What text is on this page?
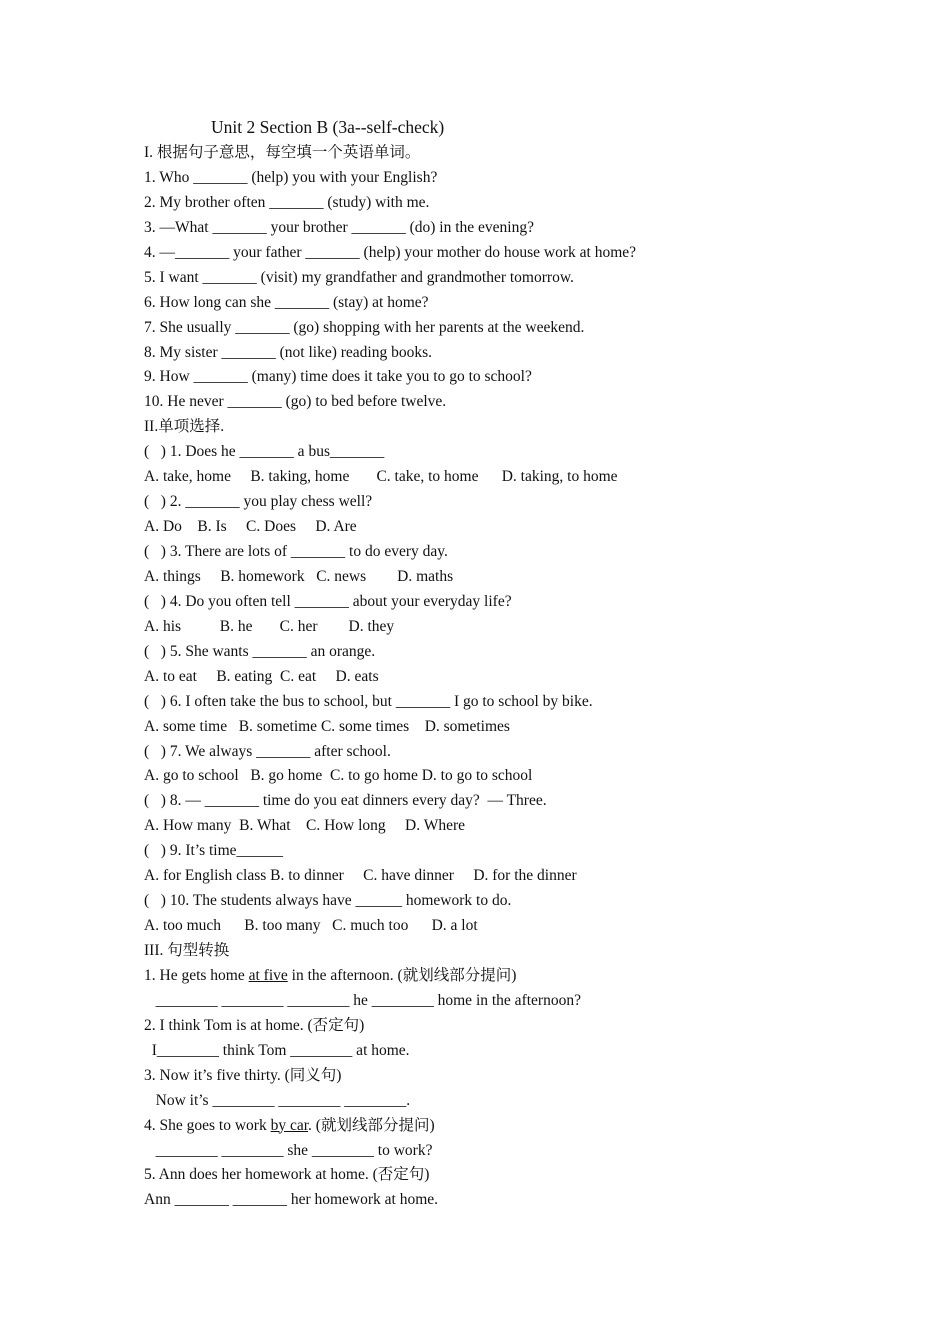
Unit 2 Section B (3a--self-check)
I. 根据句子意思，每空填一个英语单词。
1. Who _______ (help) you with your English?
2. My brother often _______ (study) with me.
3. —What _______ your brother _______ (do) in the evening?
4. —_______ your father _______ (help) your mother do house work at home?
5. I want _______ (visit) my grandfather and grandmother tomorrow.
6. How long can she _______ (stay) at home?
7. She usually _______ (go) shopping with her parents at the weekend.
8. My sister _______ (not like) reading books.
9. How _______ (many) time does it take you to go to school?
10. He never _______ (go) to bed before twelve.
II.单项选择.
(   ) 1. Does he _______ a bus_______
A. take, home     B. taking, home       C. take, to home      D. taking, to home
(   ) 2. _______ you play chess well?
A. Do    B. Is     C. Does     D. Are
(   ) 3. There are lots of _______ to do every day.
A. things     B. homework   C. news        D. maths
(   ) 4. Do you often tell _______ about your everyday life?
A. his          B. he       C. her        D. they
(   ) 5. She wants _______ an orange.
A. to eat     B. eating  C. eat     D. eats
(   ) 6. I often take the bus to school, but _______ I go to school by bike.
A. some time   B. sometime C. some times    D. sometimes
(   ) 7. We always _______ after school.
A. go to school   B. go home  C. to go home D. to go to school
(   ) 8. — _______ time do you eat dinners every day?  — Three.
A. How many  B. What    C. How long     D. Where
(   ) 9. It’s time______
A. for English class B. to dinner     C. have dinner     D. for the dinner
(   ) 10. The students always have ______ homework to do.
A. too much      B. too many   C. much too      D. a lot
III. 句型转换
1. He gets home at five in the afternoon. (就划线部分提问)
________ ________ ________ he ________ home in the afternoon?
2. I think Tom is at home. (否定句)
I________ think Tom ________ at home.
3. Now it’s five thirty. (同义句)
Now it’s ________ ________ ________.
4. She goes to work by car. (就划线部分提问)
________ ________ she ________ to work?
5. Ann does her homework at home. (否定句)
Ann _______ _______ her homework at home.
